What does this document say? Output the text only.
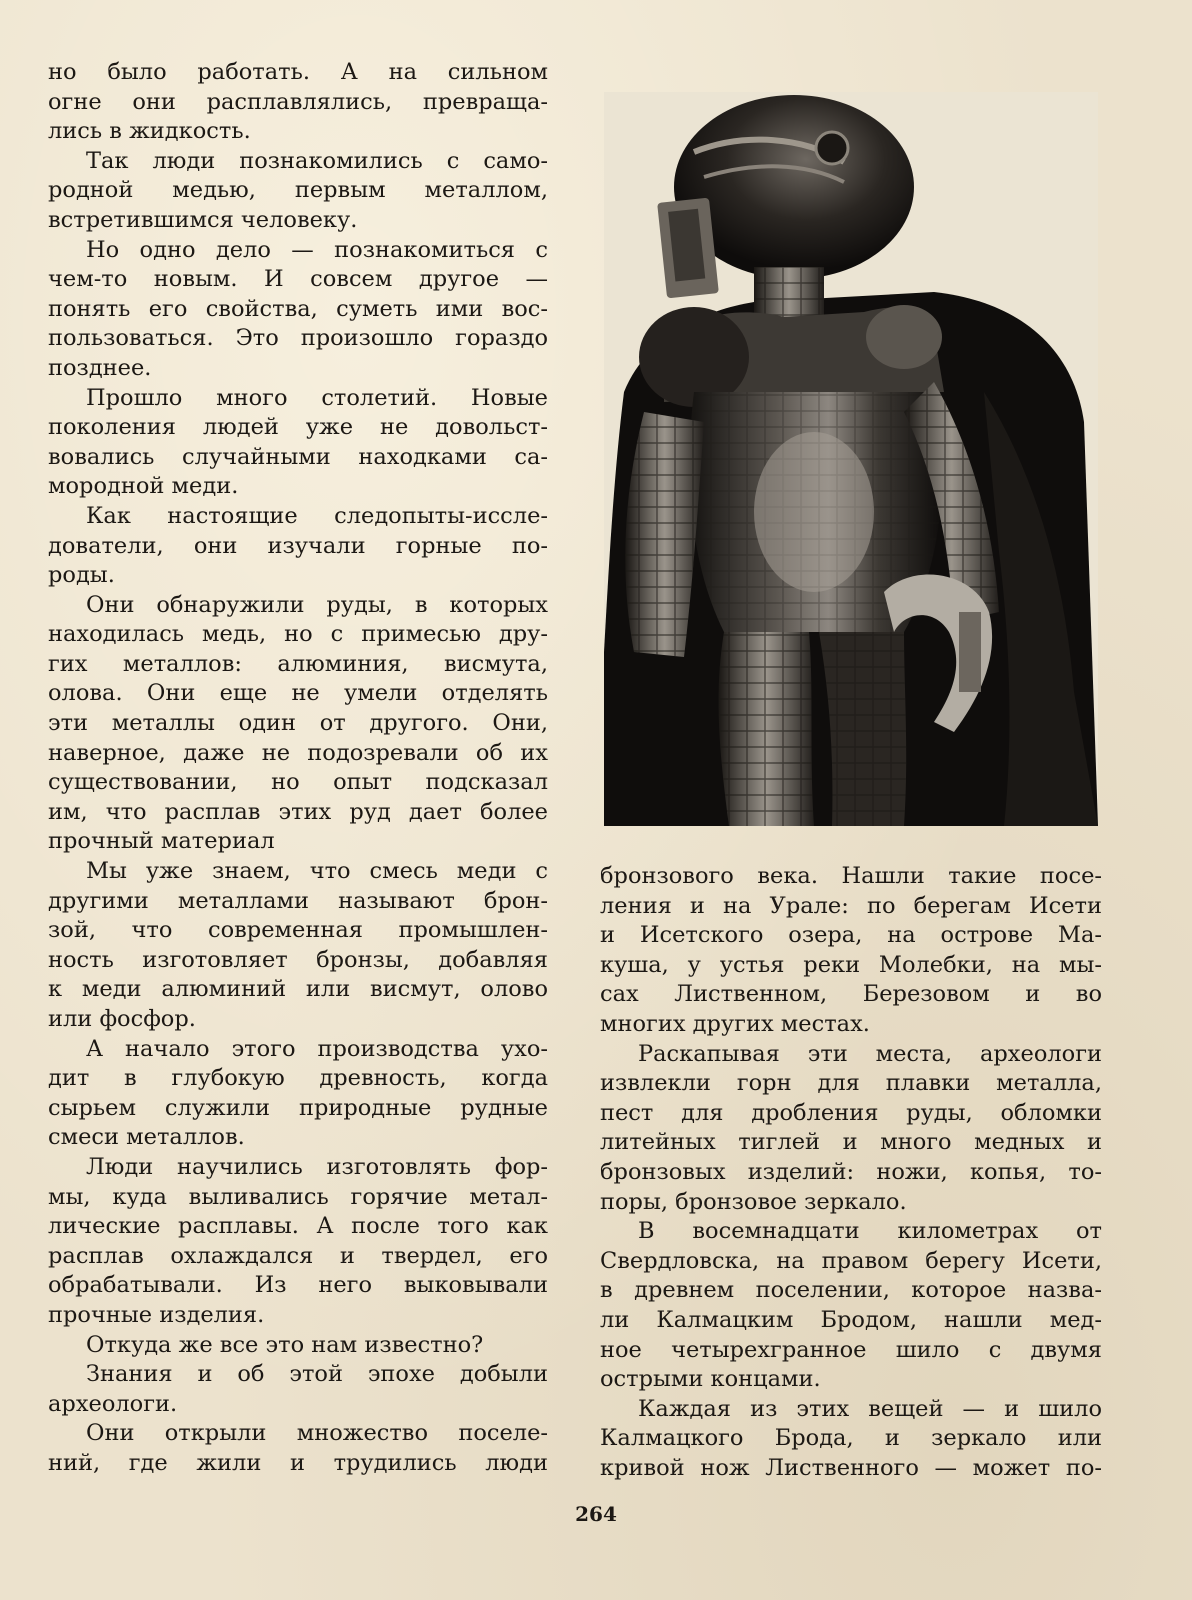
но было работать. А на сильном
огне они расплавлялись, превраща-
лись в жидкость.
Так люди познакомились с само-
родной медью, первым металлом,
встретившимся человеку.
Но одно дело — познакомиться с
чем-то новым. И совсем другое —
понять его свойства, суметь ими вос-
пользоваться. Это произошло гораздо
позднее.
Прошло много столетий. Новые
поколения людей уже не довольст-
вовались случайными находками са-
мородной меди.
Как настоящие следопыты-иссле-
дователи, они изучали горные по-
роды.
Они обнаружили руды, в которых
находилась медь, но с примесью дру-
гих металлов: алюминия, висмута,
олова. Они еще не умели отделять
эти металлы один от другого. Они,
наверное, даже не подозревали об их
существовании, но опыт подсказал
им, что расплав этих руд дает более
прочный материал
Мы уже знаем, что смесь меди с
другими металлами называют брон-
зой, что современная промышлен-
ность изготовляет бронзы, добавляя
к меди алюминий или висмут, олово
или фосфор.
А начало этого производства ухо-
дит в глубокую древность, когда
сырьем служили природные рудные
смеси металлов.
Люди научились изготовлять фор-
мы, куда выливались горячие метал-
лические расплавы. А после того как
расплав охлаждался и твердел, его
обрабатывали. Из него выковывали
прочные изделия.
Откуда же все это нам известно?
Знания и об этой эпохе добыли
археологи.
Они открыли множество поселе-
ний, где жили и трудились люди
бронзового века. Нашли такие посе-
ления и на Урале: по берегам Исети
и Исетского озера, на острове Ма-
куша, у устья реки Молебки, на мы-
сах Лиственном, Березовом и во
многих других местах.
Раскапывая эти места, археологи
извлекли горн для плавки металла,
пест для дробления руды, обломки
литейных тиглей и много медных и
бронзовых изделий: ножи, копья, то-
поры, бронзовое зеркало.
В восемнадцати километрах от
Свердловска, на правом берегу Исети,
в древнем поселении, которое назва-
ли Калмацким Бродом, нашли мед-
ное четырехгранное шило с двумя
острыми концами.
Каждая из этих вещей — и шило
Калмацкого Брода, и зеркало или
кривой нож Лиственного — может по-
264
